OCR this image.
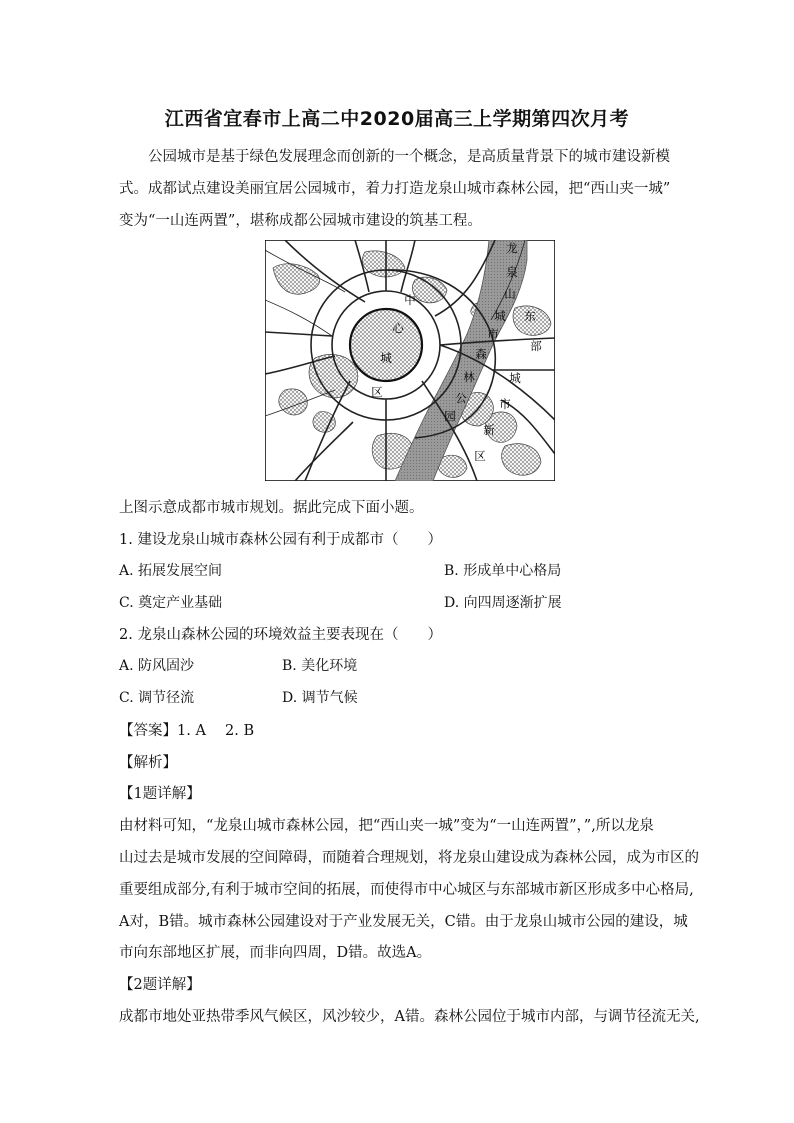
江西省宜春市上高二中2020届高三上学期第四次月考
公园城市是基于绿色发展理念而创新的一个概念，是高质量背景下的城市建设新模
式。成都试点建设美丽宜居公园城市，着力打造龙泉山城市森林公园，把“西山夹一城”
变为“一山连两置”，堪称成都公园城市建设的筑基工程。
中
心
城
区
龙
泉
山
城 东
部
城
市
新
区
森
林
公
园
市
上图示意成都市城市规划。据此完成下面小题。
1. 建设龙泉山城市森林公园有利于成都市（　　）
A. 拓展发展空间	B. 形成单中心格局
C. 奠定产业基础	D. 向四周逐渐扩展
2. 龙泉山森林公园的环境效益主要表现在（　　）
A. 防风固沙	B. 美化环境
C. 调节径流	D. 调节气候
【答案】1. A　 2. B
【解析】
【1题详解】
由材料可知，“龙泉山城市森林公园，把“西山夹一城”变为“一山连两置”，”,所以龙泉
山过去是城市发展的空间障碍，而随着合理规划，将龙泉山建设成为森林公园，成为市区的
重要组成部分,有利于城市空间的拓展，而使得市中心城区与东部城市新区形成多中心格局,
A对，B错。城市森林公园建设对于产业发展无关，C错。由于龙泉山城市公园的建设，城
市向东部地区扩展，而非向四周，D错。故选A。
【2题详解】
成都市地处亚热带季风气候区，风沙较少，A错。森林公园位于城市内部，与调节径流无关,
